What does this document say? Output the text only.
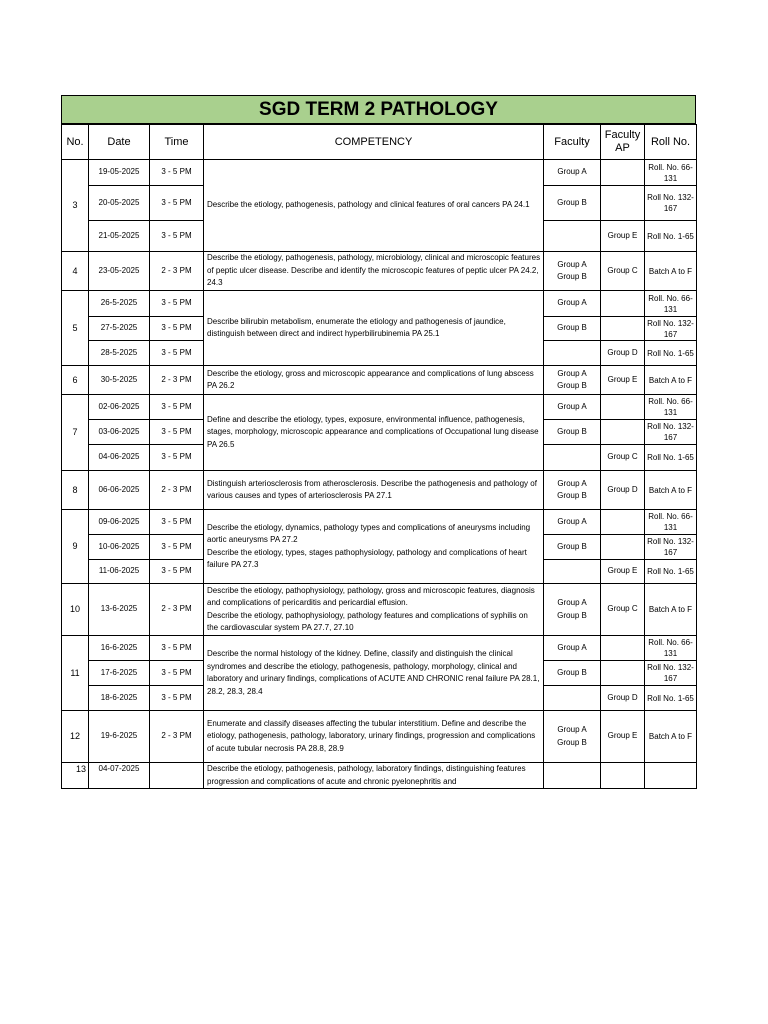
SGD TERM 2 PATHOLOGY
No.	Date	Time	COMPETENCY	Faculty	Faculty AP	Roll No.
3	19-05-2025	3 - 5 PM	Describe the etiology, pathogenesis, pathology and clinical features of oral cancers PA 24.1	Group A		Roll. No. 66-131
	20-05-2025	3 - 5 PM		Group B		Roll No. 132-167
	21-05-2025	3 - 5 PM			Group E	Roll No. 1-65
4	23-05-2025	2 - 3 PM	Describe the etiology, pathogenesis, pathology, microbiology, clinical and microscopic features of peptic ulcer disease. Describe and identify the microscopic features of peptic ulcer PA 24.2, 24.3	Group A Group B	Group C	Batch A to F
5	26-5-2025	3 - 5 PM	Describe bilirubin metabolism, enumerate the etiology and pathogenesis of jaundice, distinguish between direct and indirect hyperbilirubinemia PA 25.1	Group A		Roll. No. 66-131
	27-5-2025	3 - 5 PM		Group B		Roll No. 132-167
	28-5-2025	3 - 5 PM			Group D	Roll No. 1-65
6	30-5-2025	2 - 3 PM	Describe the etiology, gross and microscopic appearance and complications of lung abscess PA 26.2	Group A Group B	Group E	Batch A to F
7	02-06-2025	3 - 5 PM	Define and describe the etiology, types, exposure, environmental influence, pathogenesis, stages, morphology, microscopic appearance and complications of Occupational lung disease PA 26.5	Group A		Roll. No. 66-131
	03-06-2025	3 - 5 PM		Group B		Roll No. 132-167
	04-06-2025	3 - 5 PM			Group C	Roll No. 1-65
8	06-06-2025	2 - 3 PM	Distinguish arteriosclerosis from atherosclerosis. Describe the pathogenesis and pathology of various causes and types of arteriosclerosis PA 27.1	Group A Group B	Group D	Batch A to F
9	09-06-2025	3 - 5 PM	Describe the etiology, dynamics, pathology types and complications of aneurysms including aortic aneurysms PA 27.2
Describe the etiology, types, stages pathophysiology, pathology and complications of heart failure PA 27.3	Group A		Roll. No. 66-131
	10-06-2025	3 - 5 PM		Group B		Roll No. 132-167
	11-06-2025	3 - 5 PM			Group E	Roll No. 1-65
10	13-6-2025	2 - 3 PM	Describe the etiology, pathophysiology, pathology, gross and microscopic features, diagnosis and complications of pericarditis and pericardial effusion.
Describe the etiology, pathophysiology, pathology features and complications of syphilis on the cardiovascular system PA 27.7, 27.10	Group A Group B	Group C	Batch A to F
11	16-6-2025	3 - 5 PM	Describe the normal histology of the kidney. Define, classify and distinguish the clinical syndromes and describe the etiology, pathogenesis, pathology, morphology, clinical and laboratory and urinary findings, complications of ACUTE AND CHRONIC renal failure PA 28.1, 28.2, 28.3, 28.4	Group A		Roll. No. 66-131
	17-6-2025	3 - 5 PM		Group B		Roll No. 132-167
	18-6-2025	3 - 5 PM			Group D	Roll No. 1-65
12	19-6-2025	2 - 3 PM	Enumerate and classify diseases affecting the tubular interstitium. Define and describe the etiology, pathogenesis, pathology, laboratory, urinary findings, progression and complications of acute tubular necrosis PA 28.8, 28.9	Group A Group B	Group E	Batch A to F
13	04-07-2025		Describe the etiology, pathogenesis, pathology, laboratory findings, distinguishing features progression and complications of acute and chronic pyelonephritis and			
